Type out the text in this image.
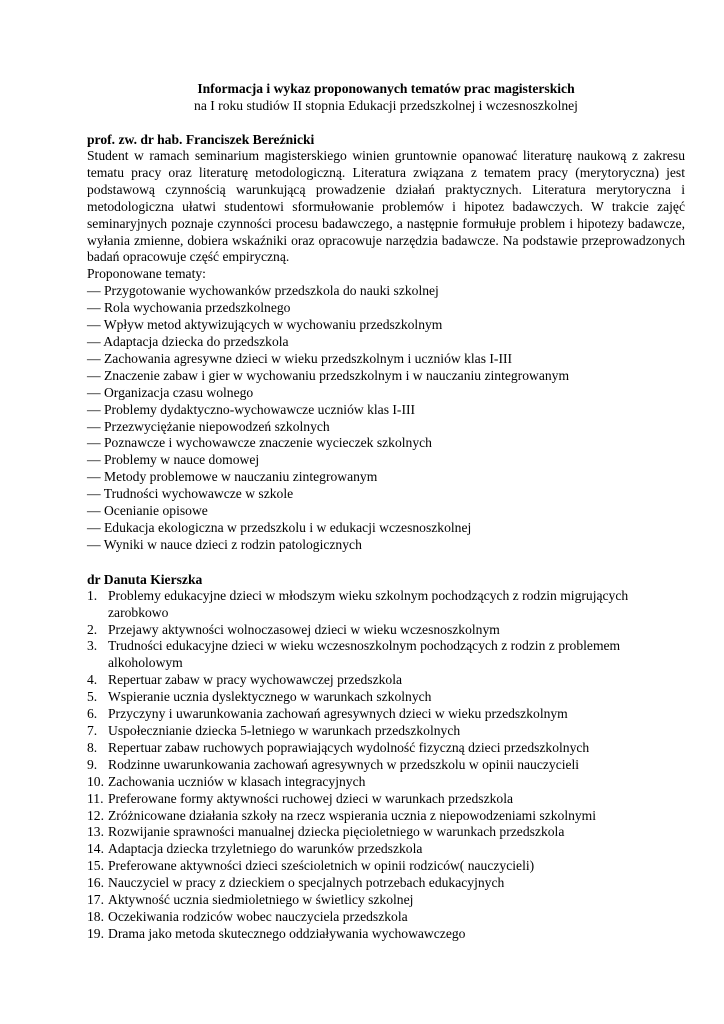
Informacja i wykaz proponowanych tematów prac magisterskich
na I roku studiów II stopnia Edukacji przedszkolnej i wczesnoszkolnej
prof. zw. dr hab. Franciszek Bereźnicki

Student w ramach seminarium magisterskiego winien gruntownie opanować literaturę naukową z zakresu tematu pracy oraz literaturę metodologiczną. Literatura związana z tematem pracy (merytoryczna) jest podstawową czynnością warunkującą prowadzenie działań praktycznych. Literatura merytoryczna i metodologiczna ułatwi studentowi sformułowanie problemów i hipotez badawczych. W trakcie zajęć seminaryjnych poznaje czynności procesu badawczego, a następnie formułuje problem i hipotezy badawcze, wyłania zmienne, dobiera wskaźniki oraz opracowuje narzędzia badawcze. Na podstawie przeprowadzonych badań opracowuje część empiryczną.

Proponowane tematy:
— Przygotowanie wychowanków przedszkola do nauki szkolnej
— Rola wychowania przedszkolnego
— Wpływ metod aktywizujących w wychowaniu przedszkolnym
— Adaptacja dziecka do przedszkola
— Zachowania agresywne dzieci w wieku przedszkolnym i uczniów klas I-III
— Znaczenie zabaw i gier w wychowaniu przedszkolnym i w nauczaniu zintegrowanym
— Organizacja czasu wolnego
— Problemy dydaktyczno-wychowawcze uczniów klas I-III
— Przezwyciężanie niepowodzeń szkolnych
— Poznawcze i wychowawcze znaczenie wycieczek szkolnych
— Problemy w nauce domowej
— Metody problemowe w nauczaniu zintegrowanym
— Trudności wychowawcze w szkole
— Ocenianie opisowe
— Edukacja ekologiczna w przedszkolu i w edukacji wczesnoszkolnej
— Wyniki w nauce dzieci z rodzin patologicznych
dr Danuta Kierszka
1. Problemy edukacyjne dzieci w młodszym wieku szkolnym pochodzących z rodzin migrujących zarobkowo
2. Przejawy aktywności wolnoczasowej dzieci w wieku wczesnoszkolnym
3. Trudności edukacyjne dzieci w wieku wczesnoszkolnym pochodzących z rodzin z problemem alkoholowym
4. Repertuar zabaw w pracy wychowawczej przedszkola
5. Wspieranie ucznia dyslektycznego w warunkach szkolnych
6. Przyczyny i uwarunkowania zachowań agresywnych dzieci w wieku przedszkolnym
7. Uspołecznianie dziecka 5-letniego w warunkach przedszkolnych
8. Repertuar zabaw ruchowych poprawiających wydolność fizyczną dzieci przedszkolnych
9. Rodzinne uwarunkowania zachowań agresywnych w przedszkolu w opinii nauczycieli
10. Zachowania uczniów w klasach integracyjnych
11. Preferowane formy aktywności ruchowej dzieci w warunkach przedszkola
12. Zróżnicowane działania szkoły na rzecz wspierania ucznia z niepowodzeniami szkolnymi
13. Rozwijanie sprawności manualnej dziecka pięcioletniego w warunkach przedszkola
14. Adaptacja dziecka trzyletniego do warunków przedszkola
15. Preferowane aktywności dzieci sześcioletnich w opinii rodziców( nauczycieli)
16. Nauczyciel w pracy z dzieckiem o specjalnych potrzebach edukacyjnych
17. Aktywność ucznia siedmioletniego w świetlicy szkolnej
18. Oczekiwania rodziców wobec nauczyciela przedszkola
19. Drama jako metoda skutecznego oddziaływania wychowawczego
